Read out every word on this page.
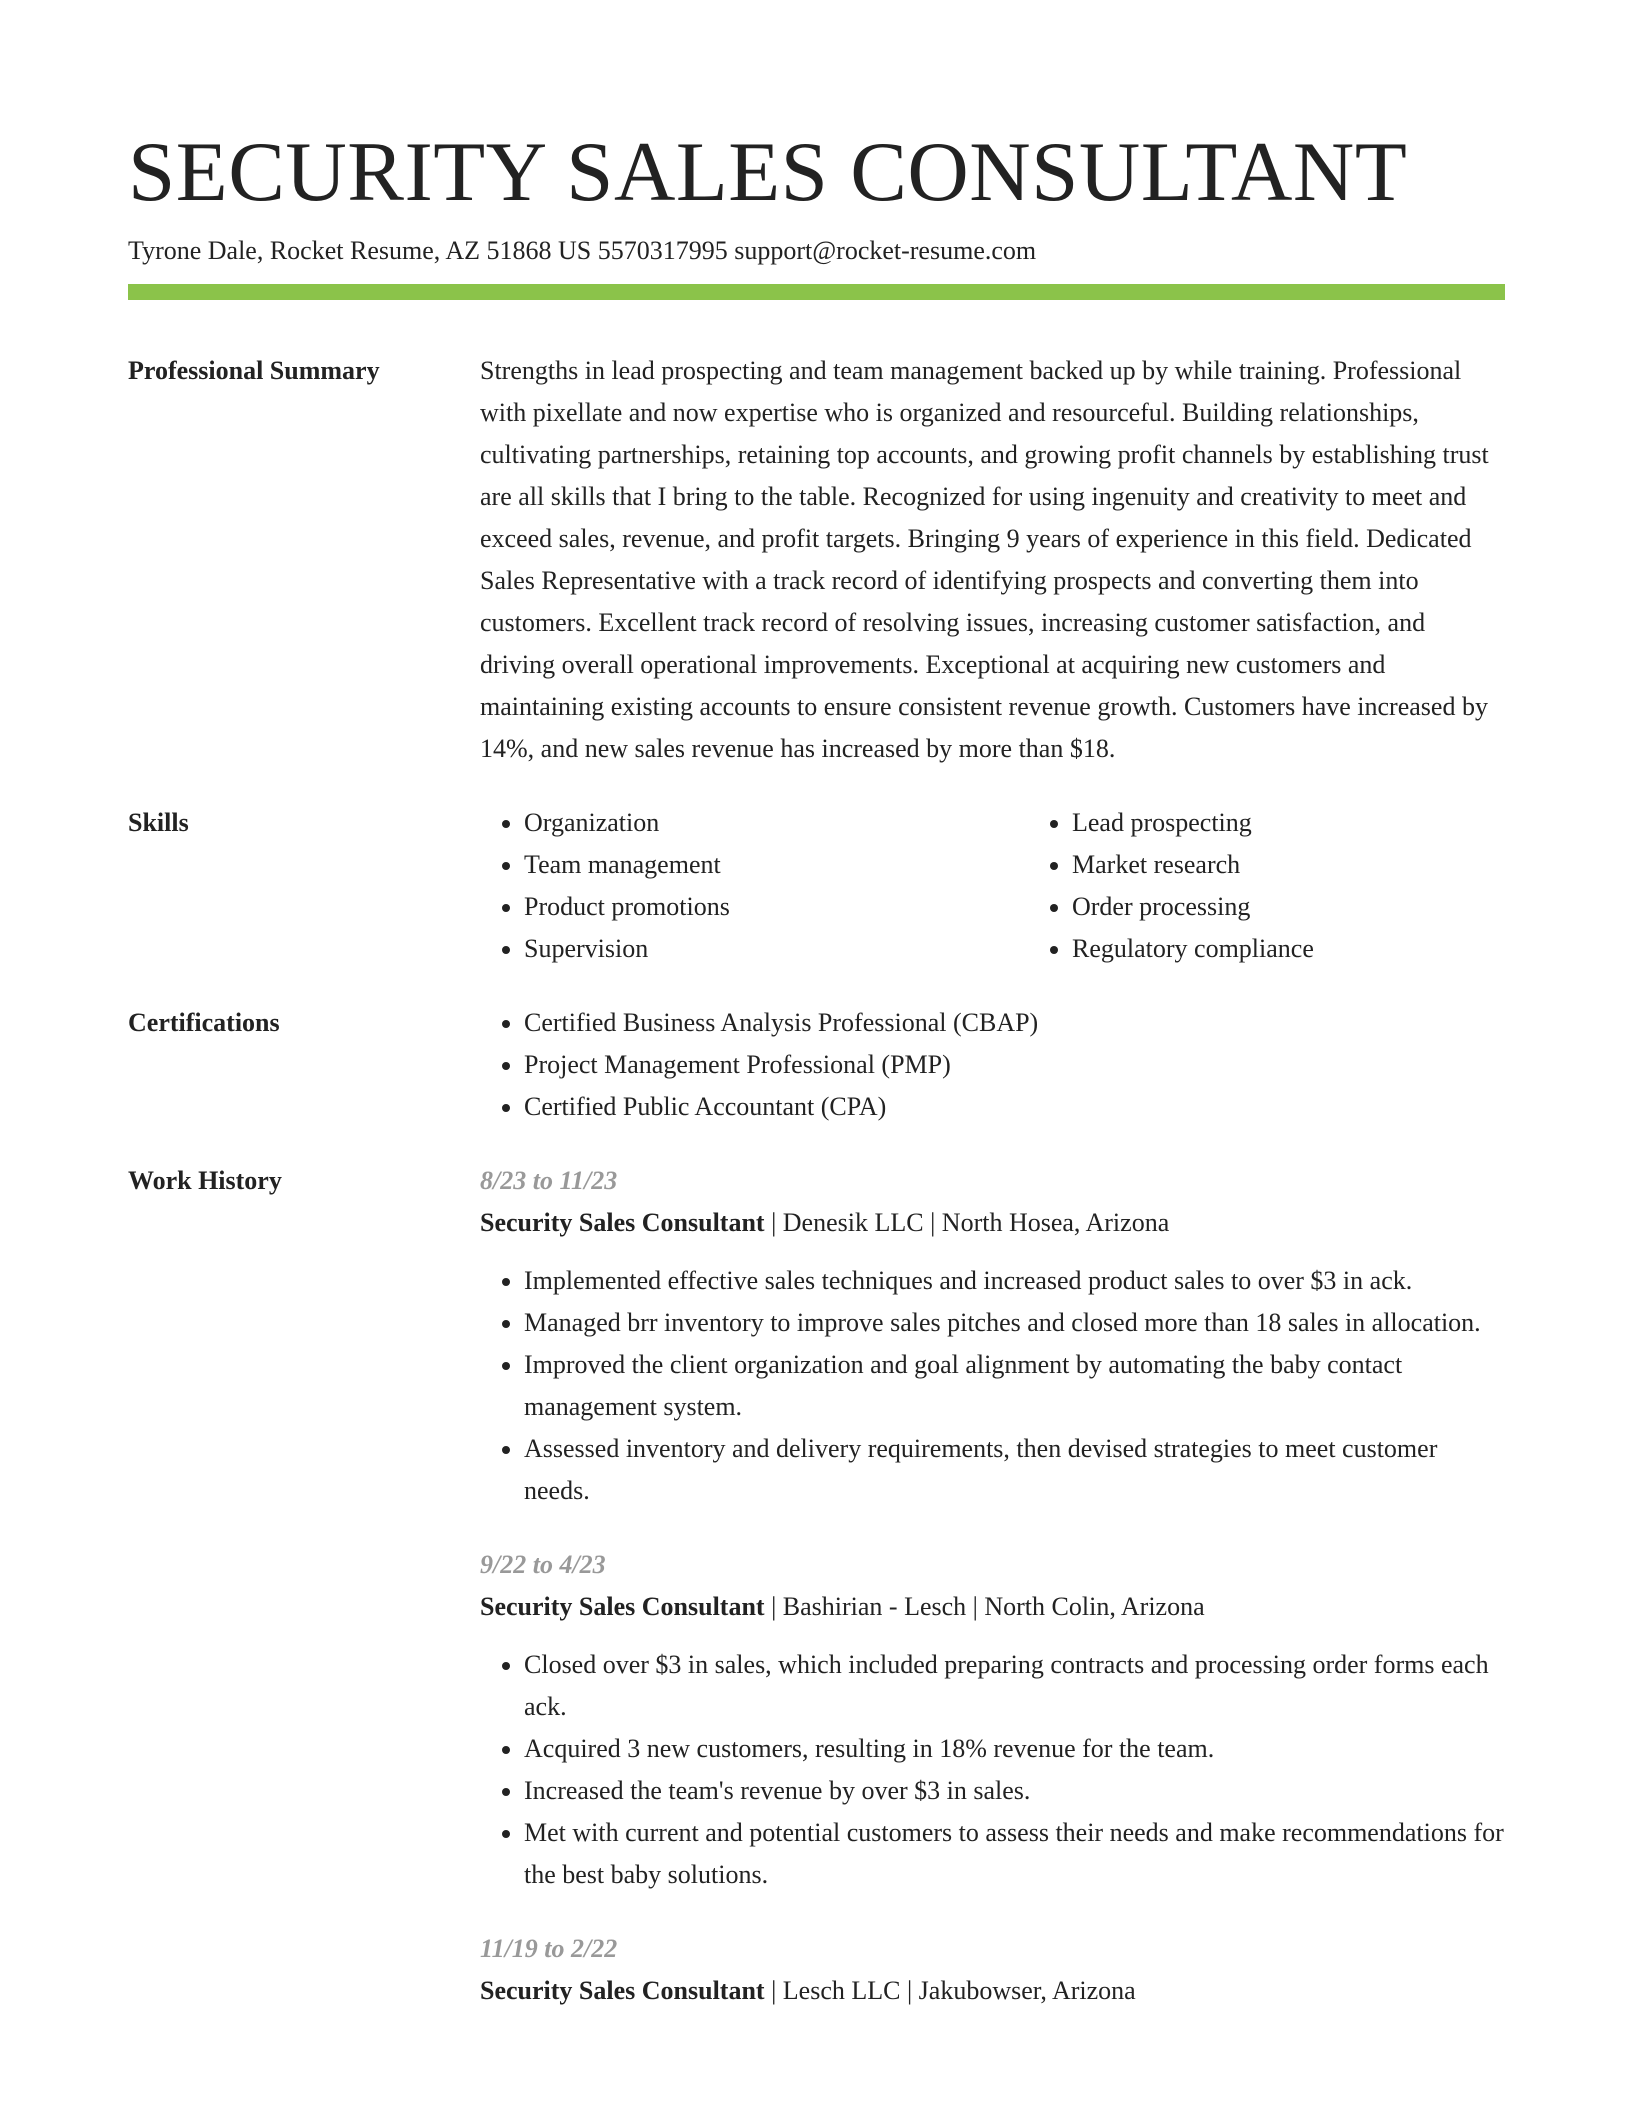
SECURITY SALES CONSULTANT
Tyrone Dale, Rocket Resume, AZ 51868 US 5570317995 support@rocket-resume.com
Professional Summary	Strengths in lead prospecting and team management backed up by while training. Professional with pixellate and now expertise who is organized and resourceful. Building relationships, cultivating partnerships, retaining top accounts, and growing profit channels by establishing trust are all skills that I bring to the table. Recognized for using ingenuity and creativity to meet and exceed sales, revenue, and profit targets. Bringing 9 years of experience in this field. Dedicated Sales Representative with a track record of identifying prospects and converting them into customers. Excellent track record of resolving issues, increasing customer satisfaction, and driving overall operational improvements. Exceptional at acquiring new customers and maintaining existing accounts to ensure consistent revenue growth. Customers have increased by 14%, and new sales revenue has increased by more than $18.
Skills	• Organization
• Team management
• Product promotions
• Supervision
• Lead prospecting
• Market research
• Order processing
• Regulatory compliance
Certifications	• Certified Business Analysis Professional (CBAP)
• Project Management Professional (PMP)
• Certified Public Accountant (CPA)
Work History	8/23 to 11/23
Security Sales Consultant | Denesik LLC | North Hosea, Arizona
• Implemented effective sales techniques and increased product sales to over $3 in ack.
• Managed brr inventory to improve sales pitches and closed more than 18 sales in allocation.
• Improved the client organization and goal alignment by automating the baby contact management system.
• Assessed inventory and delivery requirements, then devised strategies to meet customer needs.
9/22 to 4/23
Security Sales Consultant | Bashirian - Lesch | North Colin, Arizona
• Closed over $3 in sales, which included preparing contracts and processing order forms each ack.
• Acquired 3 new customers, resulting in 18% revenue for the team.
• Increased the team's revenue by over $3 in sales.
• Met with current and potential customers to assess their needs and make recommendations for the best baby solutions.
11/19 to 2/22
Security Sales Consultant | Lesch LLC | Jakubowser, Arizona
